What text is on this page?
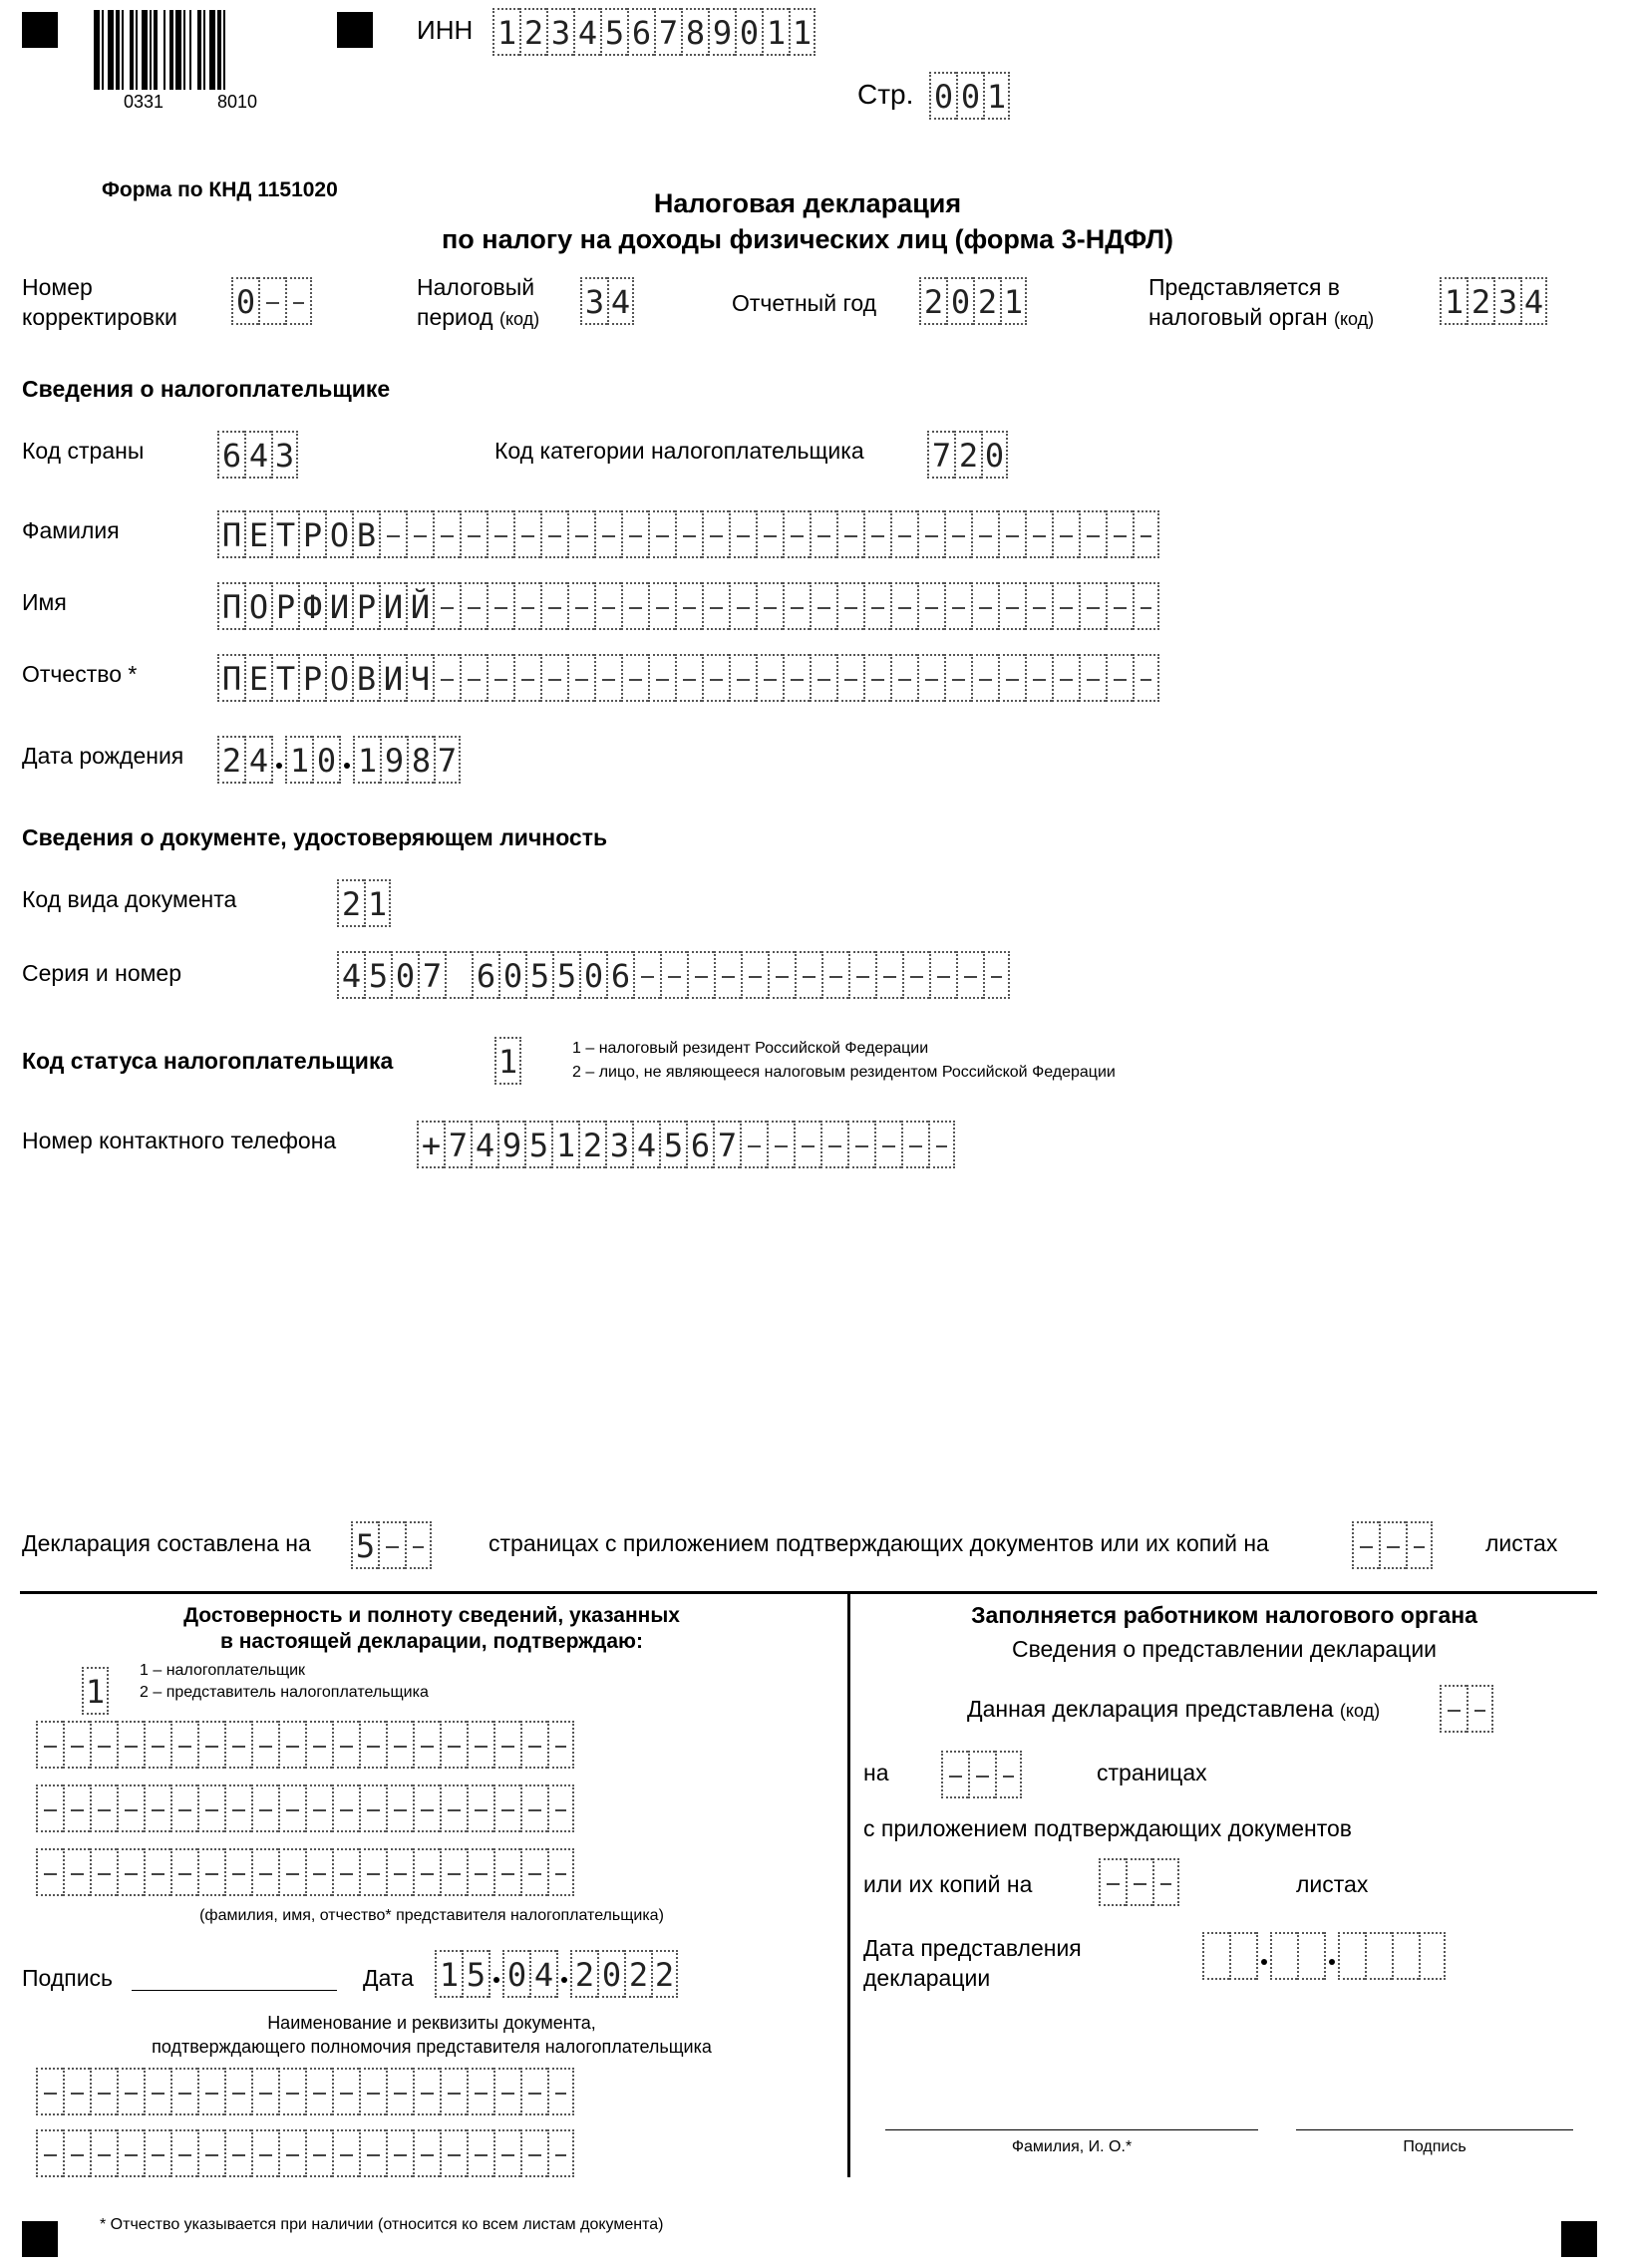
0331	8010
ИНН 1 2 3 4 5 6 7 8 9 0 1 1
Стр. 0 0 1
Форма по КНД 1151020	Налоговая декларация
по налогу на доходы физических лиц (форма 3-НДФЛ)
Номер
корректировки 0	Налоговый
период (код) 3 4	Отчетный год 2 0 2 1	Представляется в
налоговый орган (код) 1 2 3 4
Сведения о налогоплательщике
Код страны 6 4 3	Код категории налогоплательщика 7 2 0
Фамилия	П Е Т Р О В
Имя	П О Р Ф И Р И Й
Отчество *	П Е Т Р О В И Ч
Дата рождения 2 4 1 0 1 9 8 7
Сведения о документе, удостоверяющем личность
Код вида документа	2 1
Серия и номер	4 5 0 7 6 0 5 5 0 6
Код статуса налогоплательщика	1	1 – налоговый резидент Российской Федерации
2 – лицо, не являющееся налоговым резидентом Российской Федерации
Номер контактного телефона	+ 7 4 9 5 1 2 3 4 5 6 7
Декларация составлена на 5	страницах с приложением подтверждающих документов или их копий на	листах
Достоверность и полноту сведений, указанных
в настоящей декларации, подтверждаю:
1
1 – налогоплательщик
2 – представитель налогоплательщика
(фамилия, имя, отчество* представителя налогоплательщика)
Подпись	Дата 1 5 0 4 2 0 2 2
Наименование и реквизиты документа,
подтверждающего полномочия представителя налогоплательщика
Заполняется работником налогового органа
Сведения о представлении декларации
Данная декларация представлена (код)
на	страницах
с приложением подтверждающих документов
или их копий на	листах
Дата представления
декларации
Фамилия, И. О.*	Подпись
* Отчество указывается при наличии (относится ко всем листам документа)
